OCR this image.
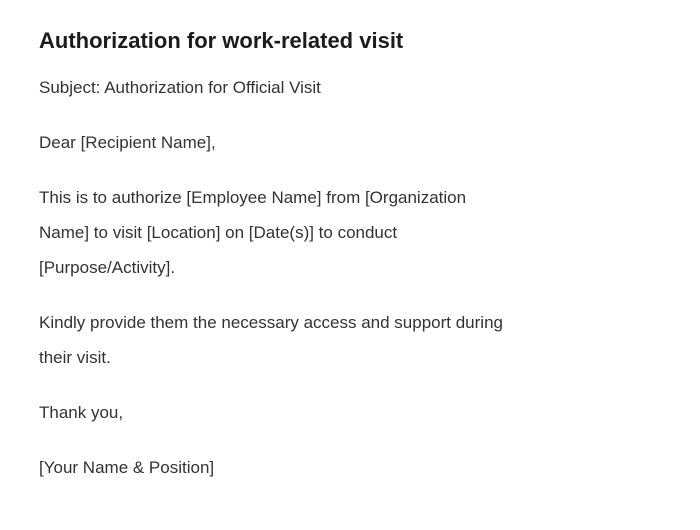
Authorization for work-related visit

Subject: Authorization for Official Visit

Dear [Recipient Name],

This is to authorize [Employee Name] from [Organization
Name] to visit [Location] on [Date(s)] to conduct
[Purpose/Activity].

Kindly provide them the necessary access and support during
their visit.

Thank you,

[Your Name & Position]
